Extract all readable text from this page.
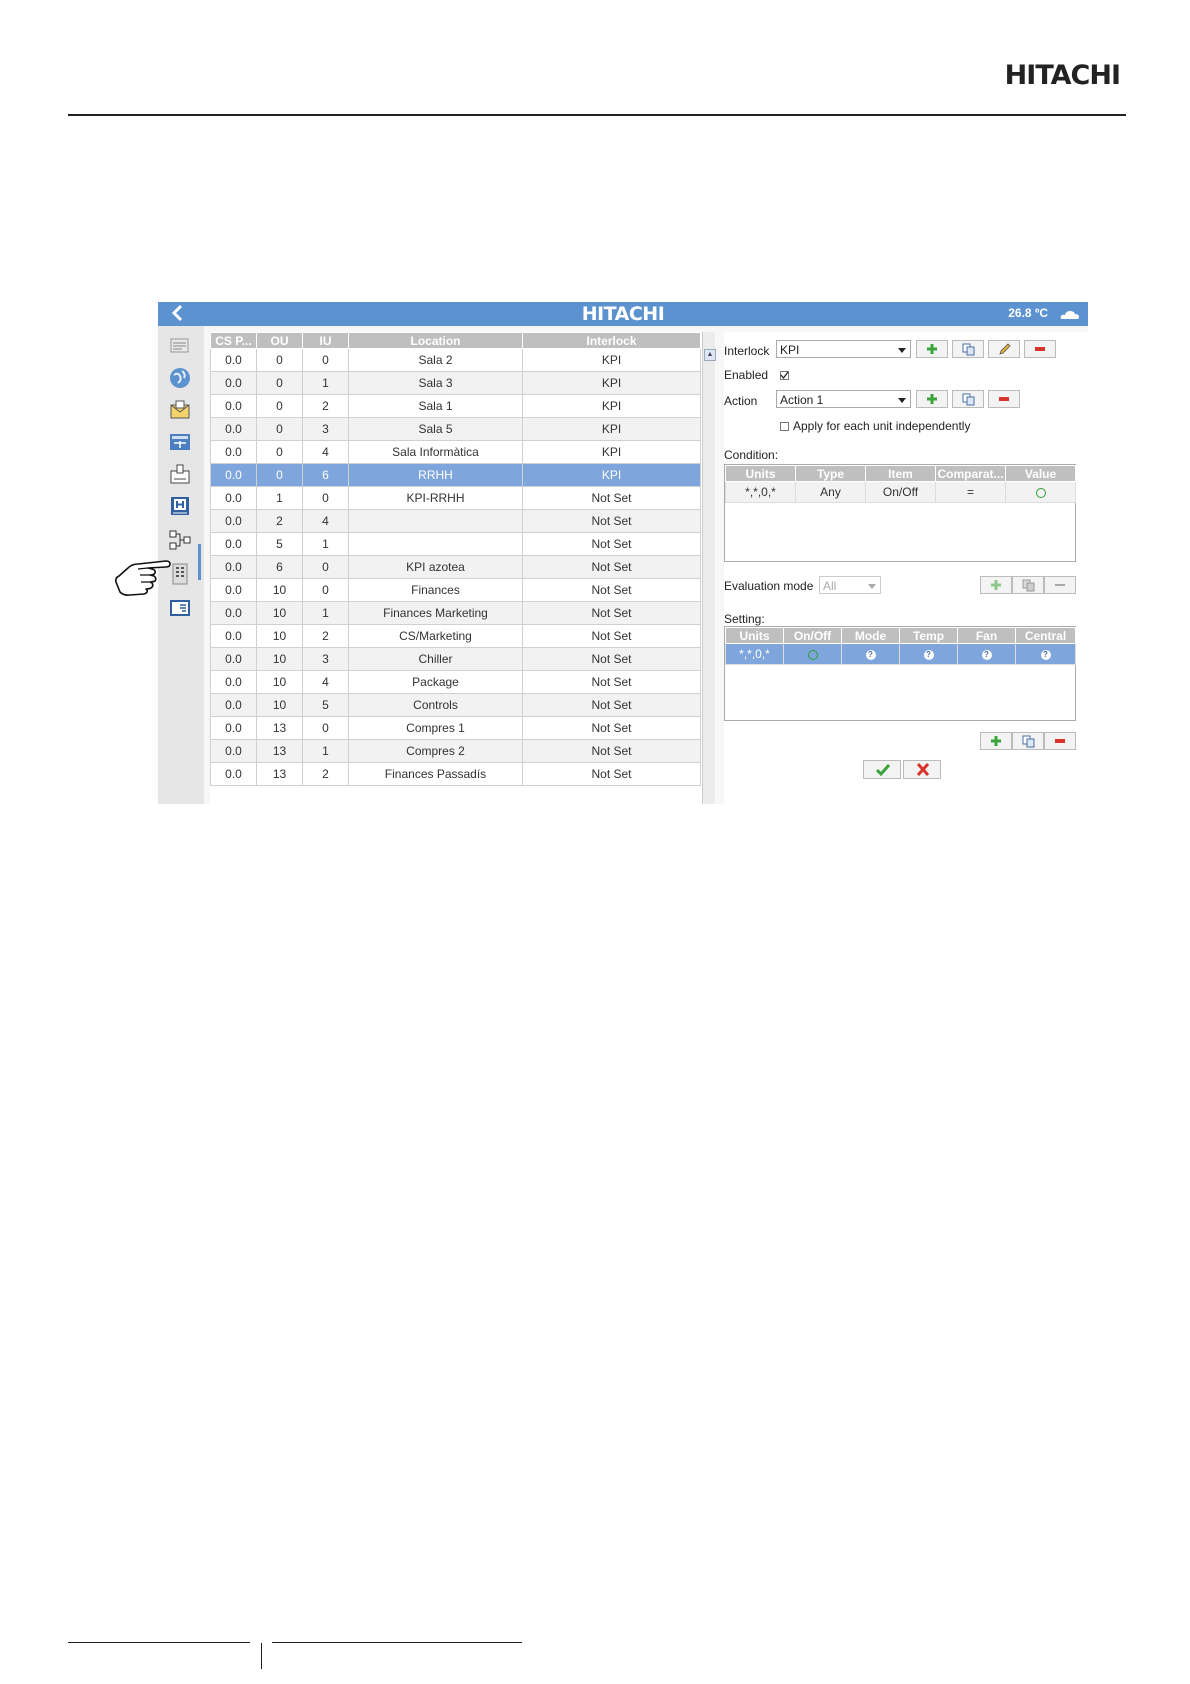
HITACHI
HITACHI	26.8 ºC
CS P...	OU	IU	Location	Interlock
0.0	0	0	Sala 2	KPI
0.0	0	1	Sala 3	KPI
0.0	0	2	Sala 1	KPI
0.0	0	3	Sala 5	KPI
0.0	0	4	Sala Informàtica	KPI
0.0	0	6	RRHH	KPI
0.0	1	0	KPI-RRHH	Not Set
0.0	2	4		Not Set
0.0	5	1		Not Set
0.0	6	0	KPI azotea	Not Set
0.0	10	0	Finances	Not Set
0.0	10	1	Finances Marketing	Not Set
0.0	10	2	CS/Marketing	Not Set
0.0	10	3	Chiller	Not Set
0.0	10	4	Package	Not Set
0.0	10	5	Controls	Not Set
0.0	13	0	Compres 1	Not Set
0.0	13	1	Compres 2	Not Set
0.0	13	2	Finances Passadís	Not Set
▲ Interlock KPI
Enabled
Action	Action 1
Apply for each unit independently
Condition:
Units	Type	Item	Comparat...	Value
*,*,0,*	Any	On/Off	=	
Evaluation mode All
Setting:
Units	On/Off	Mode	Temp	Fan	Central
*,*,0,*		?	?	?	?
